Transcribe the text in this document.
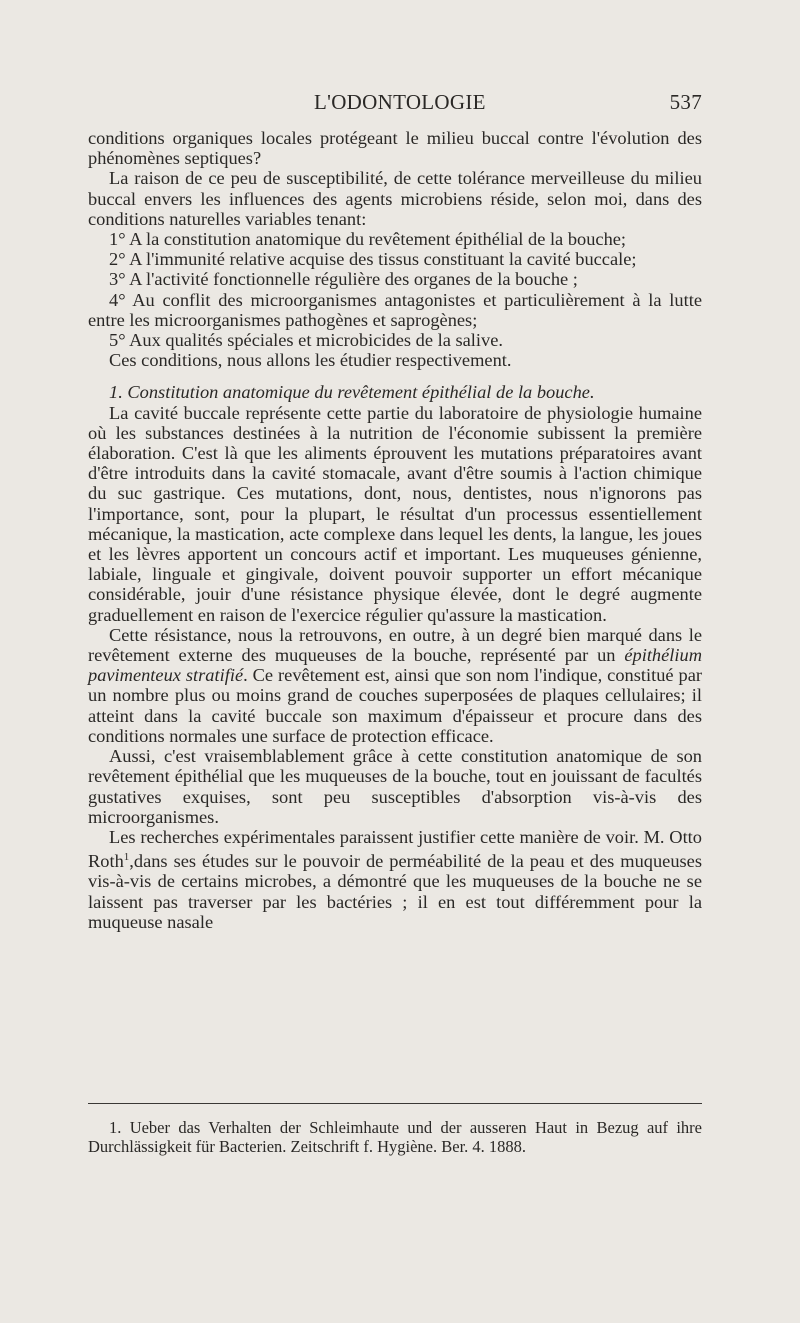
L'ODONTOLOGIE	537

conditions organiques locales protégeant le milieu buccal contre l'évolution des phénomènes septiques?

La raison de ce peu de susceptibilité, de cette tolérance merveilleuse du milieu buccal envers les influences des agents microbiens réside, selon moi, dans des conditions naturelles variables tenant:

1° A la constitution anatomique du revêtement épithélial de la bouche;

2° A l'immunité relative acquise des tissus constituant la cavité buccale;

3° A l'activité fonctionnelle régulière des organes de la bouche ;

4° Au conflit des microorganismes antagonistes et particulièrement à la lutte entre les microorganismes pathogènes et saprogènes;

5° Aux qualités spéciales et microbicides de la salive.

Ces conditions, nous allons les étudier respectivement.

1. Constitution anatomique du revêtement épithélial de la bouche.

La cavité buccale représente cette partie du laboratoire de physiologie humaine où les substances destinées à la nutrition de l'économie subissent la première élaboration. C'est là que les aliments éprouvent les mutations préparatoires avant d'être introduits dans la cavité stomacale, avant d'être soumis à l'action chimique du suc gastrique. Ces mutations, dont, nous, dentistes, nous n'ignorons pas l'importance, sont, pour la plupart, le résultat d'un processus essentiellement mécanique, la mastication, acte complexe dans lequel les dents, la langue, les joues et les lèvres apportent un concours actif et important. Les muqueuses génienne, labiale, linguale et gingivale, doivent pouvoir supporter un effort mécanique considérable, jouir d'une résistance physique élevée, dont le degré augmente graduellement en raison de l'exercice régulier qu'assure la mastication.

Cette résistance, nous la retrouvons, en outre, à un degré bien marqué dans le revêtement externe des muqueuses de la bouche, représenté par un épithélium pavimenteux stratifié. Ce revêtement est, ainsi que son nom l'indique, constitué par un nombre plus ou moins grand de couches superposées de plaques cellulaires; il atteint dans la cavité buccale son maximum d'épaisseur et procure dans des conditions normales une surface de protection efficace.

Aussi, c'est vraisemblablement grâce à cette constitution anatomique de son revêtement épithélial que les muqueuses de la bouche, tout en jouissant de facultés gustatives exquises, sont peu susceptibles d'absorption vis-à-vis des microorganismes.

Les recherches expérimentales paraissent justifier cette manière de voir. M. Otto Roth$^1$,dans ses études sur le pouvoir de perméabilité de la peau et des muqueuses vis-à-vis de certains microbes, a démontré que les muqueuses de la bouche ne se laissent pas traverser par les bactéries ; il en est tout différemment pour la muqueuse nasale

1. Ueber das Verhalten der Schleimhaute und der ausseren Haut in Bezug auf ihre Durchlässigkeit für Bacterien. Zeitschrift f. Hygiène. Ber. 4. 1888.
